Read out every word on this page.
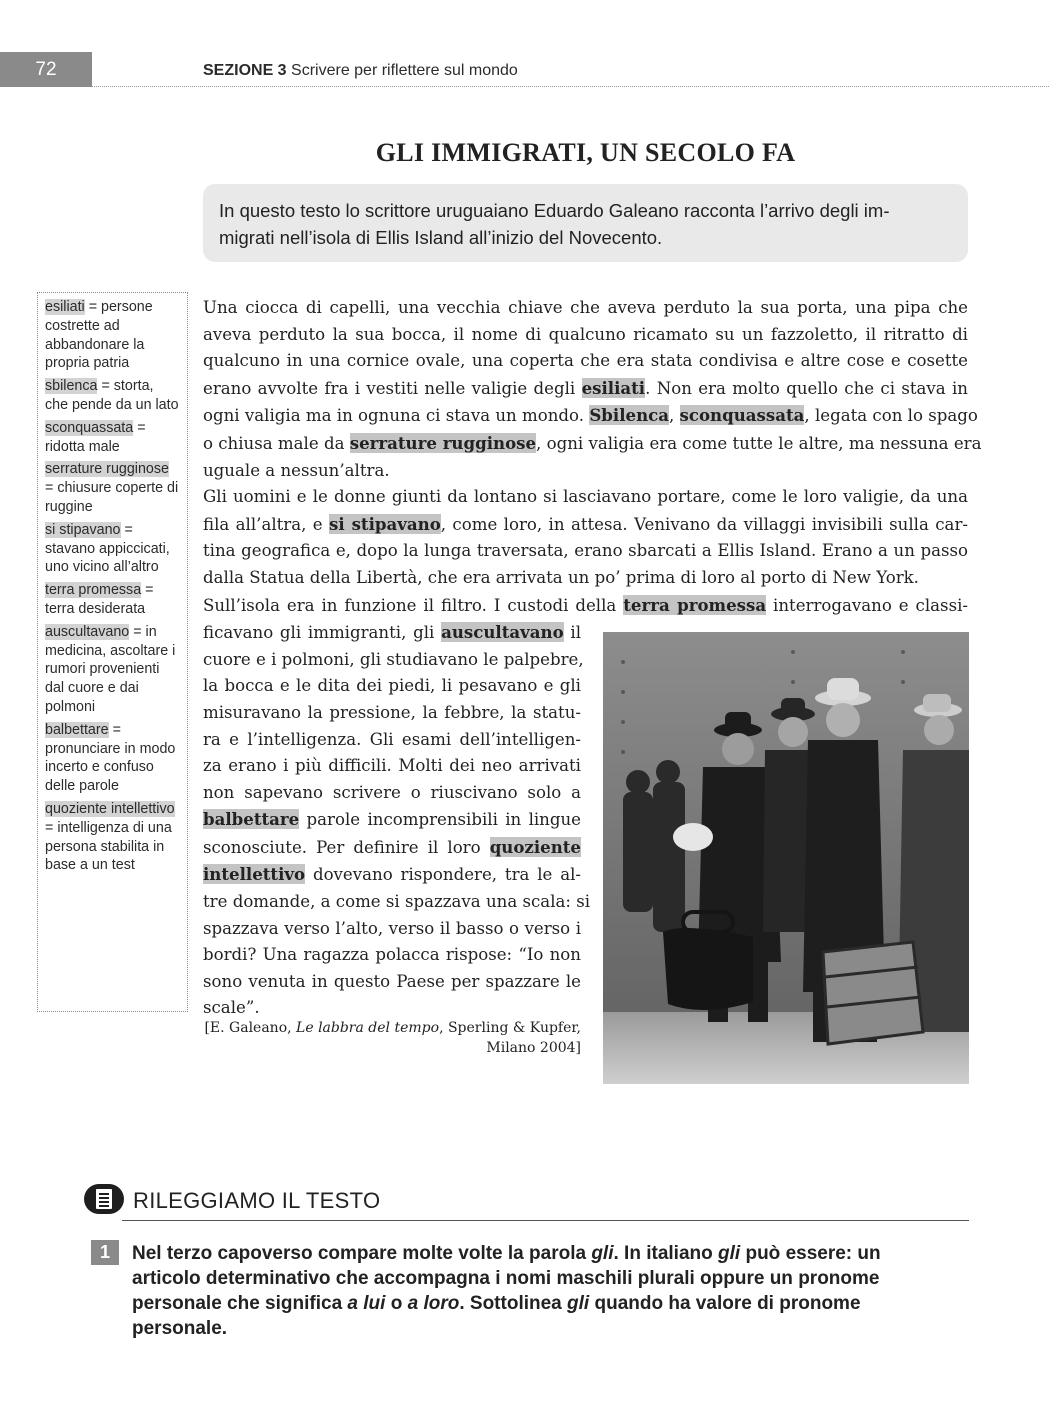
72	SEZIONE 3 Scrivere per riflettere sul mondo
GLI IMMIGRATI, UN SECOLO FA
In questo testo lo scrittore uruguaiano Eduardo Galeano racconta l’arrivo degli im-
migrati nell’isola di Ellis Island all’inizio del Novecento.
esiliati = persone costrette ad abbandonare la propria patria
sbilenca = storta, che pende da un lato
sconquassata = ridotta male
serrature rugginose = chiusure coperte di ruggine
si stipavano = stavano appiccicati, uno vicino all’altro
terra promessa = terra desiderata
auscultavano = in medicina, ascoltare i rumori provenienti dal cuore e dai polmoni
balbettare = pronunciare in modo incerto e confuso delle parole
quoziente intellettivo = intelligenza di una persona stabilita in base a un test
Una ciocca di capelli, una vecchia chiave che aveva perduto la sua porta, una pipa che
aveva perduto la sua bocca, il nome di qualcuno ricamato su un fazzoletto, il ritratto di
qualcuno in una cornice ovale, una coperta che era stata condivisa e altre cose e cosette
erano avvolte fra i vestiti nelle valigie degli esiliati. Non era molto quello che ci stava in
ogni valigia ma in ognuna ci stava un mondo. Sbilenca, sconquassata, legata con lo spago
o chiusa male da serrature rugginose, ogni valigia era come tutte le altre, ma nessuna era
uguale a nessun’altra.
Gli uomini e le donne giunti da lontano si lasciavano portare, come le loro valigie, da una
fila all’altra, e si stipavano, come loro, in attesa. Venivano da villaggi invisibili sulla car-
tina geografica e, dopo la lunga traversata, erano sbarcati a Ellis Island. Erano a un passo
dalla Statua della Libertà, che era arrivata un po’ prima di loro al porto di New York.
Sull’isola era in funzione il filtro. I custodi della terra promessa interrogavano e classi-
ficavano gli immigranti, gli auscultavano il
cuore e i polmoni, gli studiavano le palpebre,
la bocca e le dita dei piedi, li pesavano e gli
misuravano la pressione, la febbre, la statu-
ra e l’intelligenza. Gli esami dell’intelligen-
za erano i più difficili. Molti dei neo arrivati
non sapevano scrivere o riuscivano solo a
balbettare parole incomprensibili in lingue
sconosciute. Per definire il loro quoziente
intellettivo dovevano rispondere, tra le al-
tre domande, a come si spazzava una scala: si
spazzava verso l’alto, verso il basso o verso i
bordi? Una ragazza polacca rispose: “Io non
sono venuta in questo Paese per spazzare le
scale”.
[E. Galeano, Le labbra del tempo, Sperling & Kupfer,
Milano 2004]
RILEGGIAMO IL TESTO
1	Nel terzo capoverso compare molte volte la parola gli. In italiano gli può essere: un articolo determinativo che accompagna i nomi maschili plurali oppure un pronome personale che significa a lui o a loro. Sottolinea gli quando ha valore di pronome personale.
